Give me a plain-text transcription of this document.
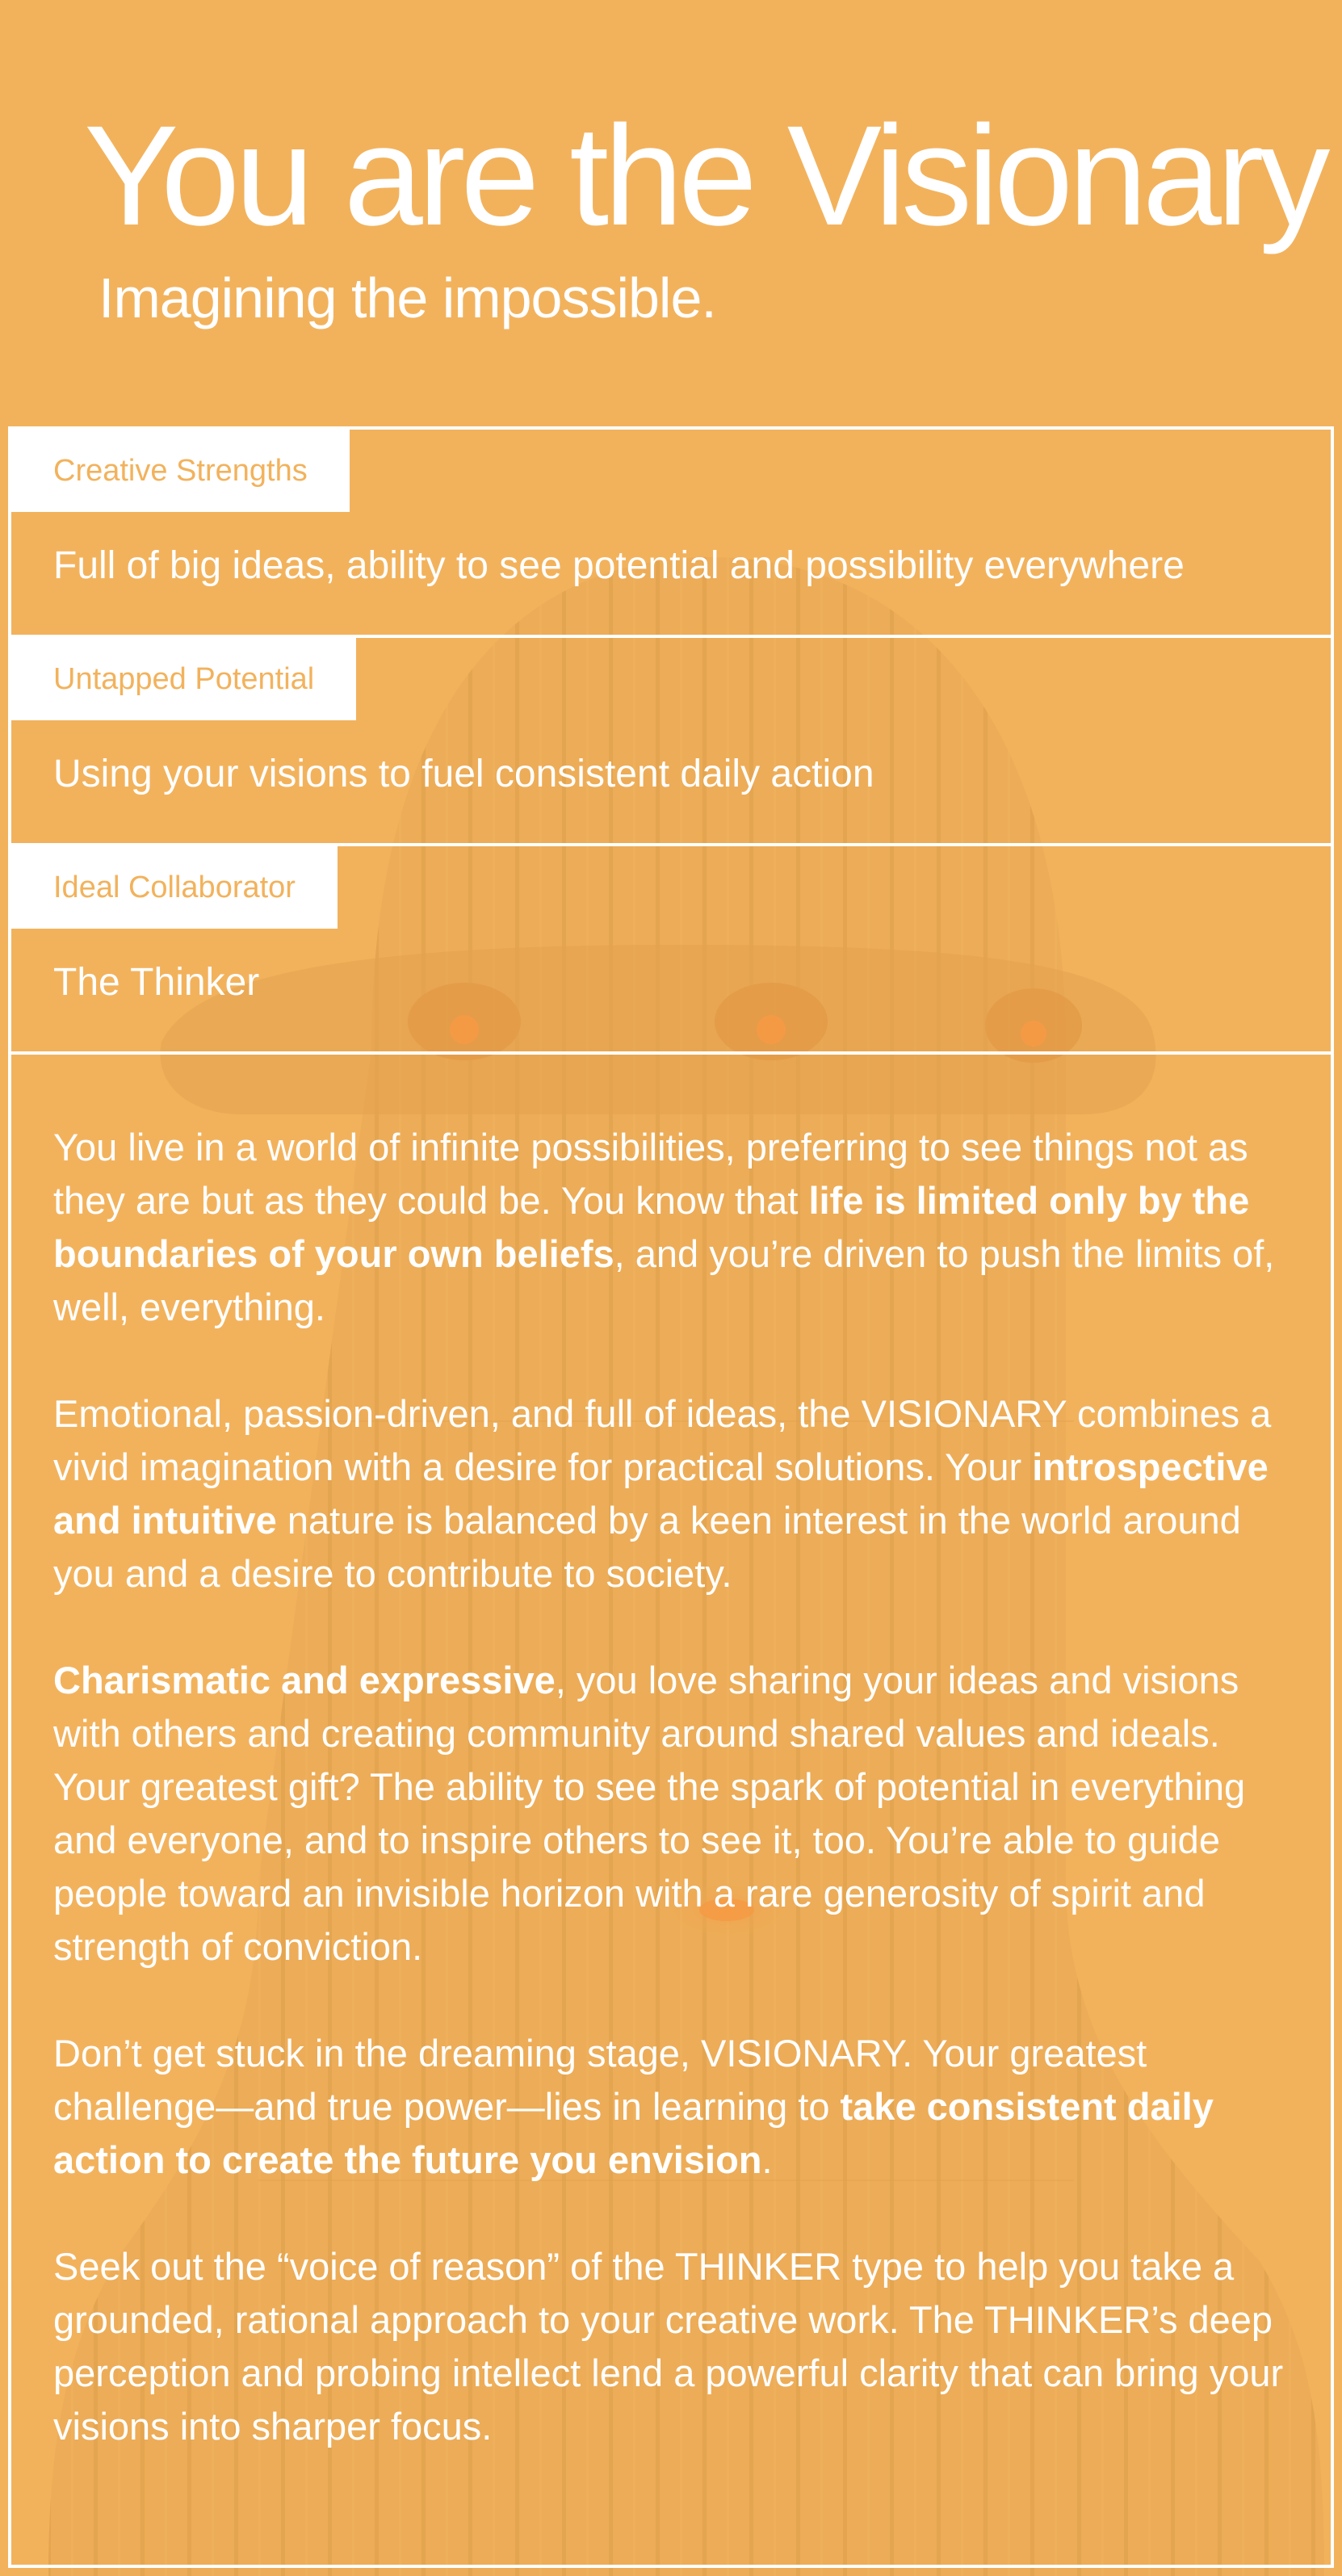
You are the Visionary
Imagining the impossible.
Creative Strengths
Full of big ideas, ability to see potential and possibility everywhere
Untapped Potential
Using your visions to fuel consistent daily action
Ideal Collaborator
The Thinker

You live in a world of infinite possibilities, preferring to see things not as they are but as they could be. You know that life is limited only by the boundaries of your own beliefs, and you’re driven to push the limits of, well, everything.

Emotional, passion-driven, and full of ideas, the VISIONARY combines a vivid imagination with a desire for practical solutions. Your introspective and intuitive nature is balanced by a keen interest in the world around you and a desire to contribute to society.

Charismatic and expressive, you love sharing your ideas and visions with others and creating community around shared values and ideals. Your greatest gift? The ability to see the spark of potential in everything and everyone, and to inspire others to see it, too. You’re able to guide people toward an invisible horizon with a rare generosity of spirit and strength of conviction.

Don’t get stuck in the dreaming stage, VISIONARY. Your greatest challenge—and true power—lies in learning to take consistent daily action to create the future you envision.

Seek out the “voice of reason” of the THINKER type to help you take a grounded, rational approach to your creative work. The THINKER’s deep perception and probing intellect lend a powerful clarity that can bring your visions into sharper focus.
